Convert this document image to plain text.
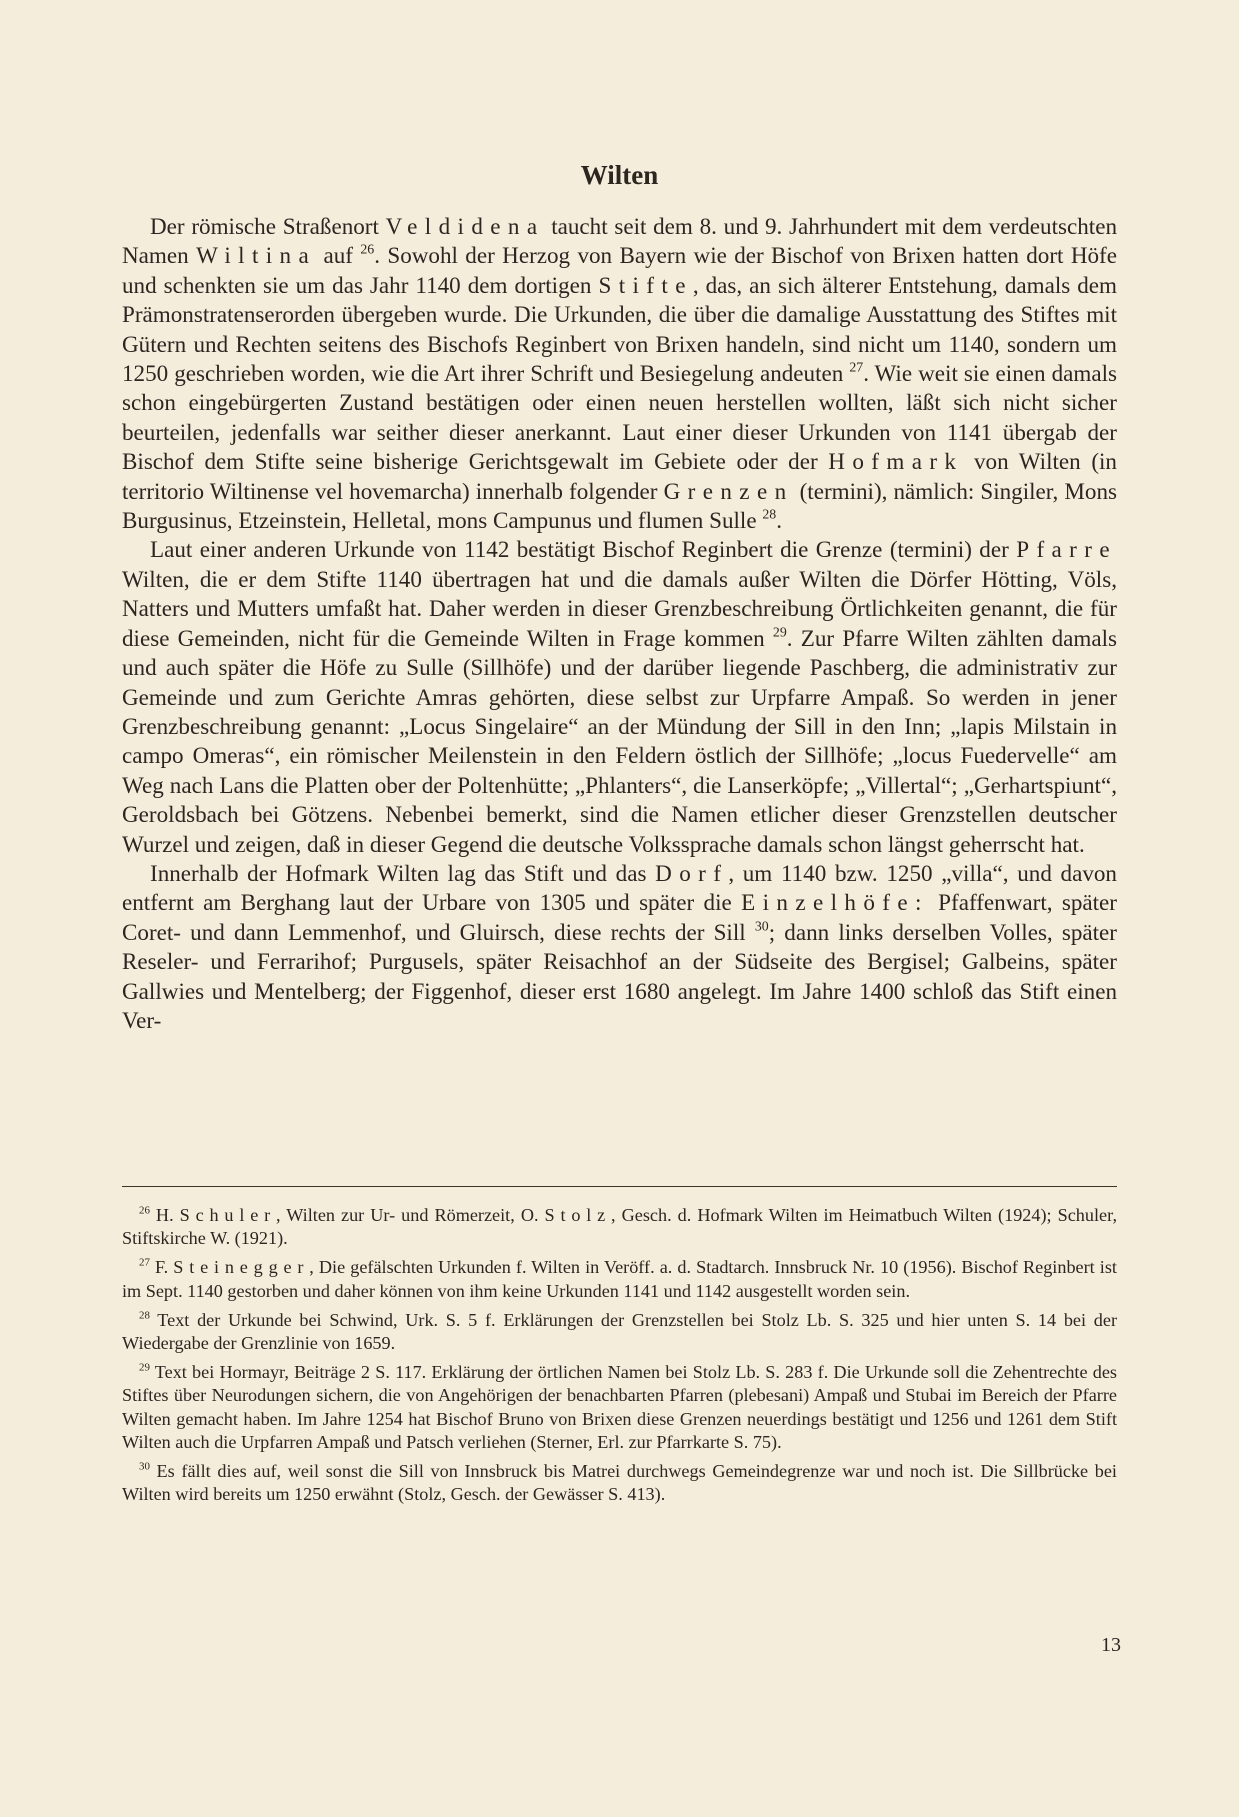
Wilten

Der römische Straßenort Veldidena taucht seit dem 8. und 9. Jahrhundert mit dem verdeutschten Namen Wiltina auf $^{26}$. Sowohl der Herzog von Bayern wie der Bischof von Brixen hatten dort Höfe und schenkten sie um das Jahr 1140 dem dortigen Stifte, das, an sich älterer Entstehung, damals dem Prämonstratenserorden übergeben wurde. Die Urkunden, die über die damalige Ausstattung des Stiftes mit Gütern und Rechten seitens des Bischofs Reginbert von Brixen handeln, sind nicht um 1140, sondern um 1250 geschrieben worden, wie die Art ihrer Schrift und Besiegelung andeuten $^{27}$. Wie weit sie einen damals schon eingebürgerten Zustand bestätigen oder einen neuen herstellen wollten, läßt sich nicht sicher beurteilen, jedenfalls war seither dieser anerkannt. Laut einer dieser Urkunden von 1141 übergab der Bischof dem Stifte seine bisherige Gerichtsgewalt im Gebiete oder der Hofmark von Wilten (in territorio Wiltinense vel hovemarcha) innerhalb folgender Grenzen (termini), nämlich: Singiler, Mons Burgusinus, Etzeinstein, Helletal, mons Campunus und flumen Sulle $^{28}$.

Laut einer anderen Urkunde von 1142 bestätigt Bischof Reginbert die Grenze (termini) der Pfarre Wilten, die er dem Stifte 1140 übertragen hat und die damals außer Wilten die Dörfer Hötting, Völs, Natters und Mutters umfaßt hat. Daher werden in dieser Grenzbeschreibung Örtlichkeiten genannt, die für diese Gemeinden, nicht für die Gemeinde Wilten in Frage kommen $^{29}$. Zur Pfarre Wilten zählten damals und auch später die Höfe zu Sulle (Sillhöfe) und der darüber liegende Paschberg, die administrativ zur Gemeinde und zum Gerichte Amras gehörten, diese selbst zur Urpfarre Ampaß. So werden in jener Grenzbeschreibung genannt: „Locus Singelaire“ an der Mündung der Sill in den Inn; „lapis Milstain in campo Omeras“, ein römischer Meilenstein in den Feldern östlich der Sillhöfe; „locus Fuedervelle“ am Weg nach Lans die Platten ober der Poltenhütte; „Phlanters“, die Lanserköpfe; „Villertal“; „Gerhartspiunt“, Geroldsbach bei Götzens. Nebenbei bemerkt, sind die Namen etlicher dieser Grenzstellen deutscher Wurzel und zeigen, daß in dieser Gegend die deutsche Volkssprache damals schon längst geherrscht hat.

Innerhalb der Hofmark Wilten lag das Stift und das Dorf, um 1140 bzw. 1250 „villa“, und davon entfernt am Berghang laut der Urbare von 1305 und später die Einzelhöfe: Pfaffenwart, später Coret- und dann Lemmenhof, und Gluirsch, diese rechts der Sill $^{30}$; dann links derselben Volles, später Reseler- und Ferrarihof; Purgusels, später Reisachhof an der Südseite des Bergisel; Galbeins, später Gallwies und Mentelberg; der Figgenhof, dieser erst 1680 angelegt. Im Jahre 1400 schloß das Stift einen Ver-

$^{26}$ H. Schuler, Wilten zur Ur- und Römerzeit, O. Stolz, Gesch. d. Hofmark Wilten im Heimatbuch Wilten (1924); Schuler, Stiftskirche W. (1921).

$^{27}$ F. Steinegger, Die gefälschten Urkunden f. Wilten in Veröff. a. d. Stadtarch. Innsbruck Nr. 10 (1956). Bischof Reginbert ist im Sept. 1140 gestorben und daher können von ihm keine Urkunden 1141 und 1142 ausgestellt worden sein.

$^{28}$ Text der Urkunde bei Schwind, Urk. S. 5 f. Erklärungen der Grenzstellen bei Stolz Lb. S. 325 und hier unten S. 14 bei der Wiedergabe der Grenzlinie von 1659.

$^{29}$ Text bei Hormayr, Beiträge 2 S. 117. Erklärung der örtlichen Namen bei Stolz Lb. S. 283 f. Die Urkunde soll die Zehentrechte des Stiftes über Neurodungen sichern, die von Angehörigen der benachbarten Pfarren (plebesani) Ampaß und Stubai im Bereich der Pfarre Wilten gemacht haben. Im Jahre 1254 hat Bischof Bruno von Brixen diese Grenzen neuerdings bestätigt und 1256 und 1261 dem Stift Wilten auch die Urpfarren Ampaß und Patsch verliehen (Sterner, Erl. zur Pfarrkarte S. 75).

$^{30}$ Es fällt dies auf, weil sonst die Sill von Innsbruck bis Matrei durchwegs Gemeindegrenze war und noch ist. Die Sillbrücke bei Wilten wird bereits um 1250 erwähnt (Stolz, Gesch. der Gewässer S. 413).

13
